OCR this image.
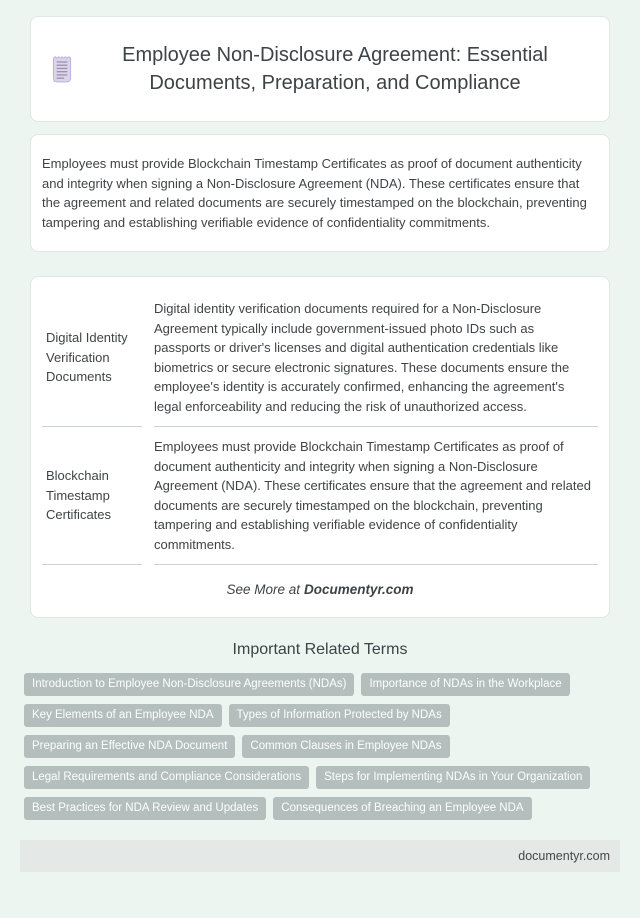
Employee Non-Disclosure Agreement: Essential Documents, Preparation, and Compliance

Employees must provide Blockchain Timestamp Certificates as proof of document authenticity and integrity when signing a Non-Disclosure Agreement (NDA). These certificates ensure that the agreement and related documents are securely timestamped on the blockchain, preventing tampering and establishing verifiable evidence of confidentiality commitments.

Digital Identity Verification Documents
Digital identity verification documents required for a Non-Disclosure Agreement typically include government-issued photo IDs such as passports or driver's licenses and digital authentication credentials like biometrics or secure electronic signatures. These documents ensure the employee's identity is accurately confirmed, enhancing the agreement's legal enforceability and reducing the risk of unauthorized access.
Blockchain Timestamp Certificates
Employees must provide Blockchain Timestamp Certificates as proof of document authenticity and integrity when signing a Non-Disclosure Agreement (NDA). These certificates ensure that the agreement and related documents are securely timestamped on the blockchain, preventing tampering and establishing verifiable evidence of confidentiality commitments.

See More at Documentyr.com

Important Related Terms
Introduction to Employee Non-Disclosure Agreements (NDAs)	Importance of NDAs in the Workplace
Key Elements of an Employee NDA	Types of Information Protected by NDAs
Preparing an Effective NDA Document	Common Clauses in Employee NDAs
Legal Requirements and Compliance Considerations	Steps for Implementing NDAs in Your Organization
Best Practices for NDA Review and Updates	Consequences of Breaching an Employee NDA
documentyr.com
